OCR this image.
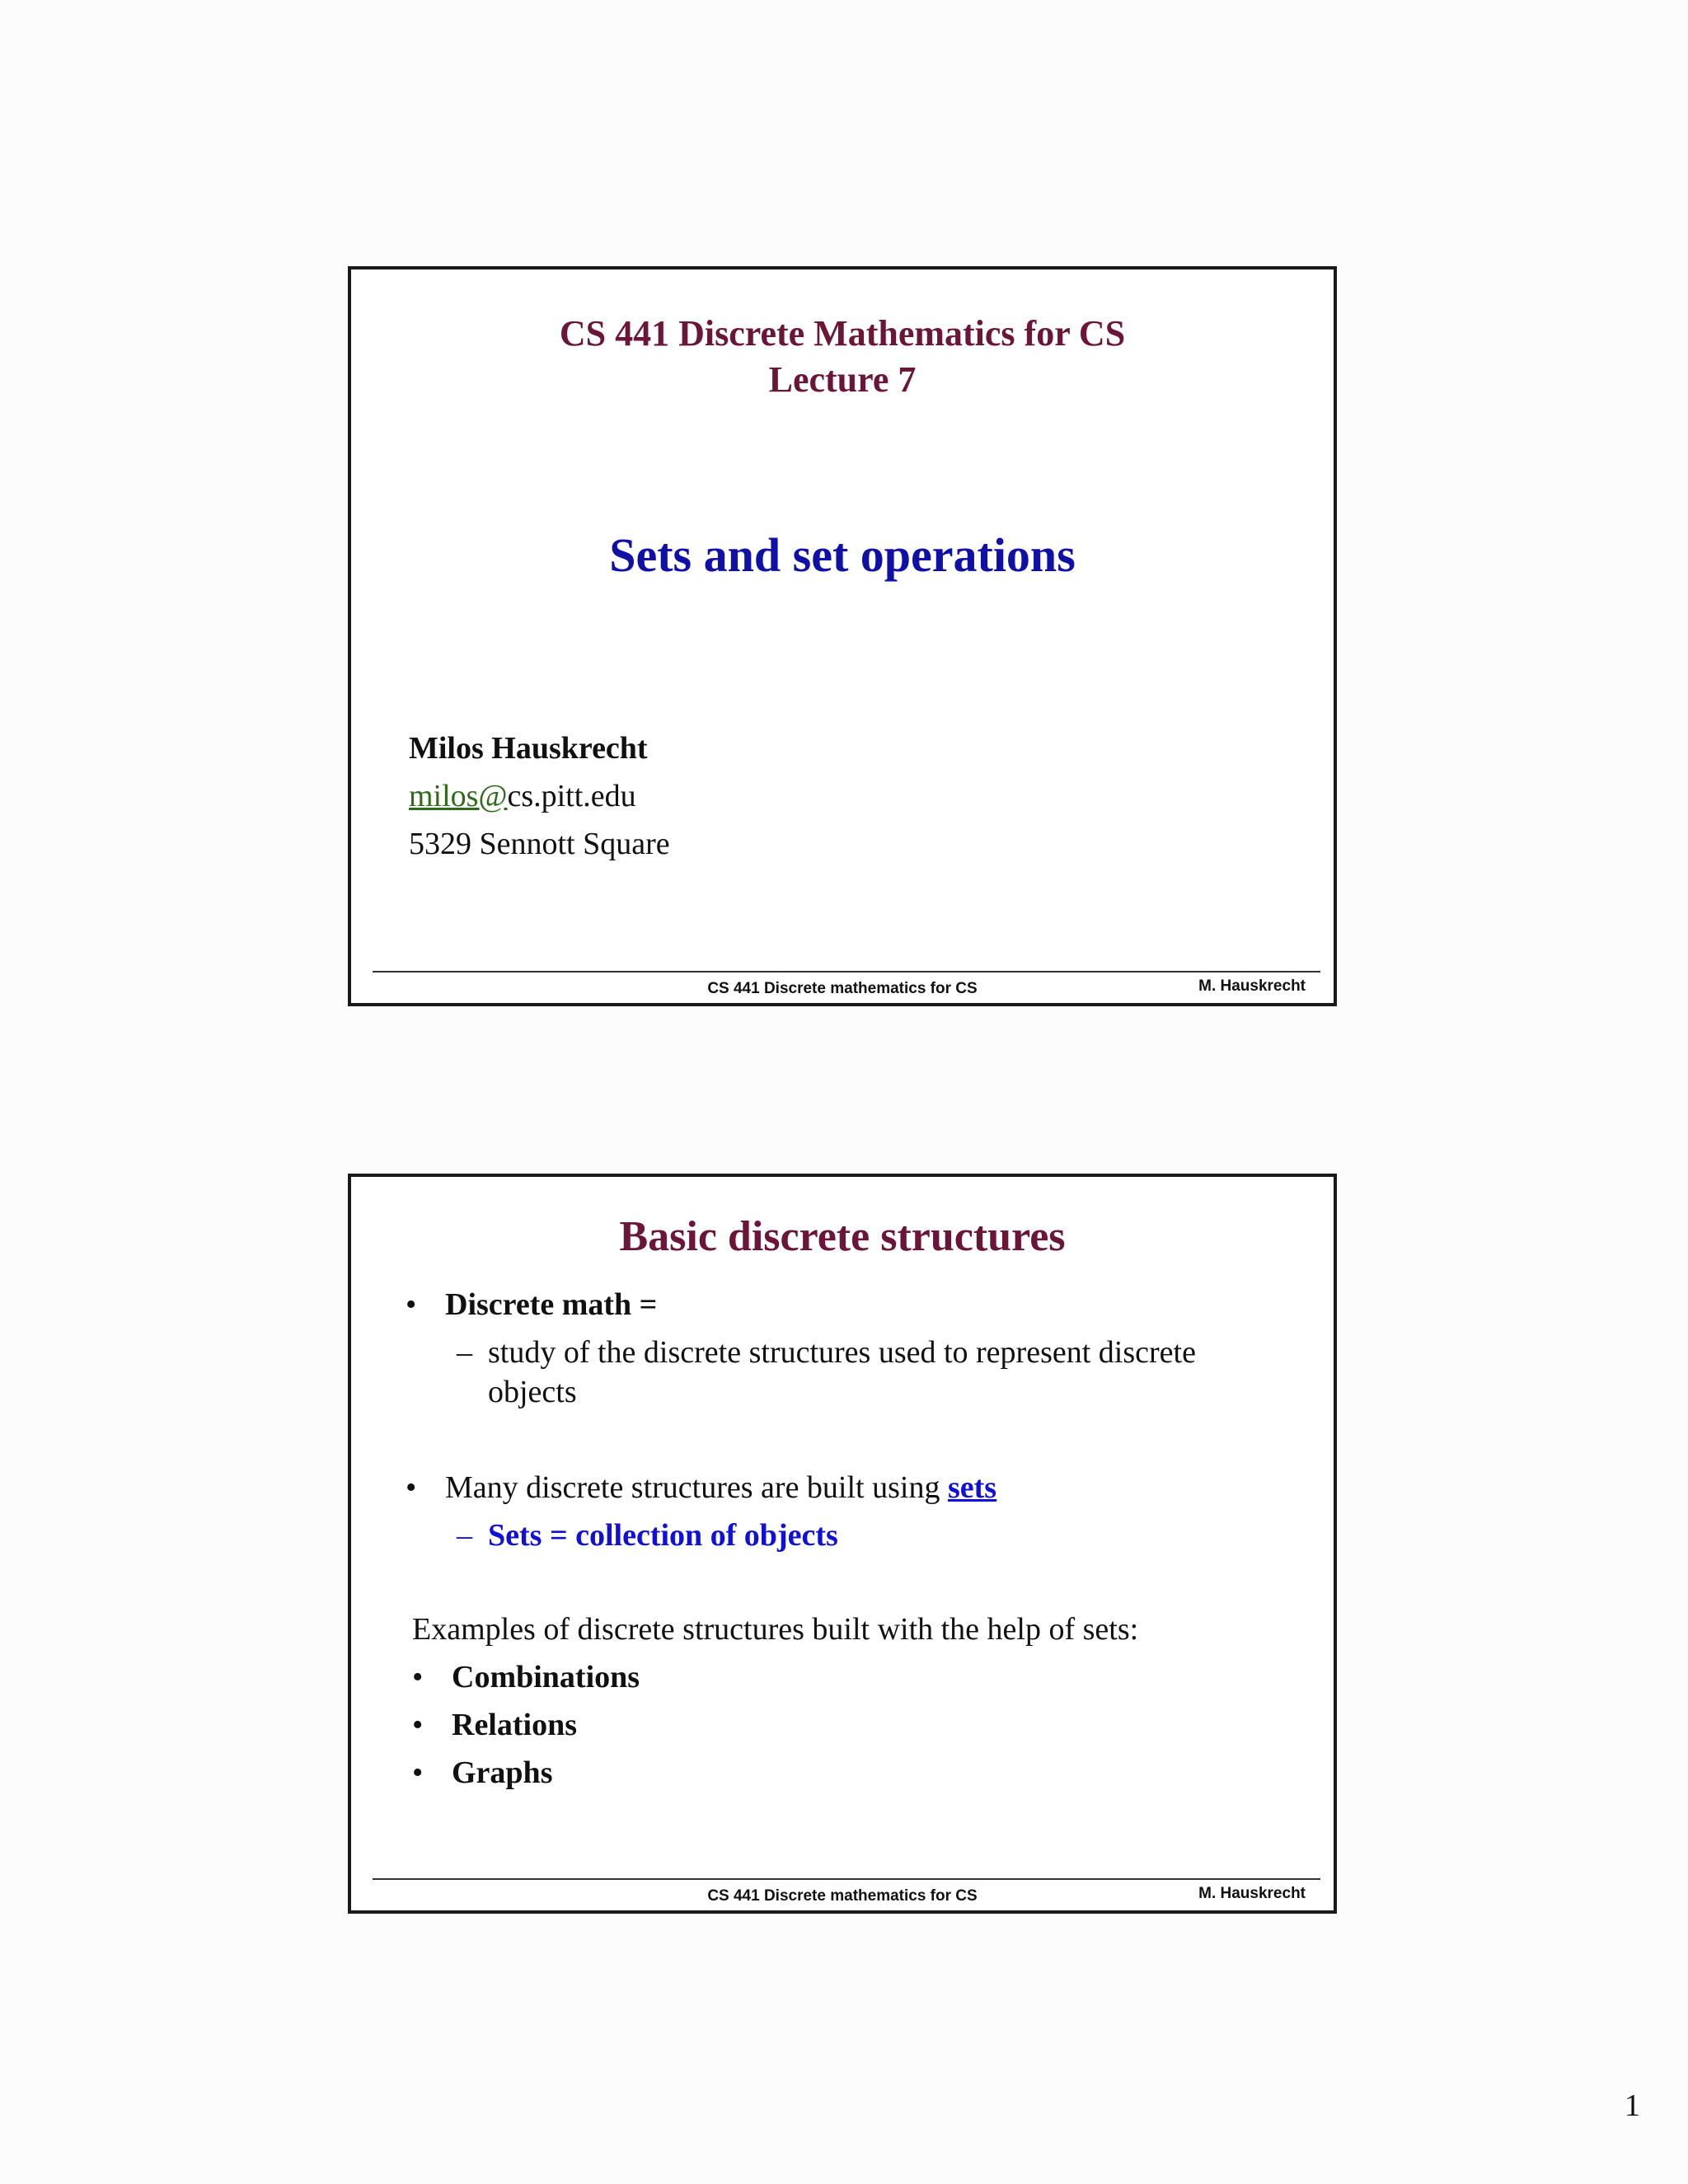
CS 441 Discrete Mathematics for CS

Lecture 7

Sets and set operations

Milos Hauskrecht

milos@cs.pitt.edu

5329 Sennott Square

CS 441 Discrete mathematics for CS	M. Hauskrecht

Basic discrete structures

• Discrete math =

– study of the discrete structures used to represent discrete

objects

• Many discrete structures are built using sets

– Sets = collection of objects

Examples of discrete structures built with the help of sets:

• Combinations

• Relations

• Graphs

CS 441 Discrete mathematics for CS	M. Hauskrecht

1
